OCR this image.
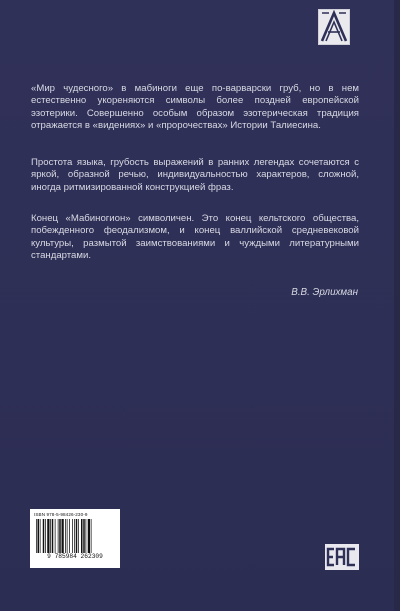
«Мир чудесного» в мабиноги еще по-варварски груб, но в нем естественно укореняются символы более поздней европейской эзотерики. Совершенно особым образом эзотерическая традиция отражается в «видениях» и «пророчествах» Истории Талиесина.
Простота языка, грубость выражений в ранних легендах сочетаются с яркой, образной речью, индивидуальностью характеров, сложной, иногда ритмизированной конструкцией фраз.
Конец «Мабиногион» символичен. Это конец кельтского общества, побежденного феодализмом, и конец валлийской средневековой культуры, размытой заимствованиями и чуждыми литературными стандартами.
В.В. Эрлихман
ISBN 978-5-98426-230-9
9 785984 262309
